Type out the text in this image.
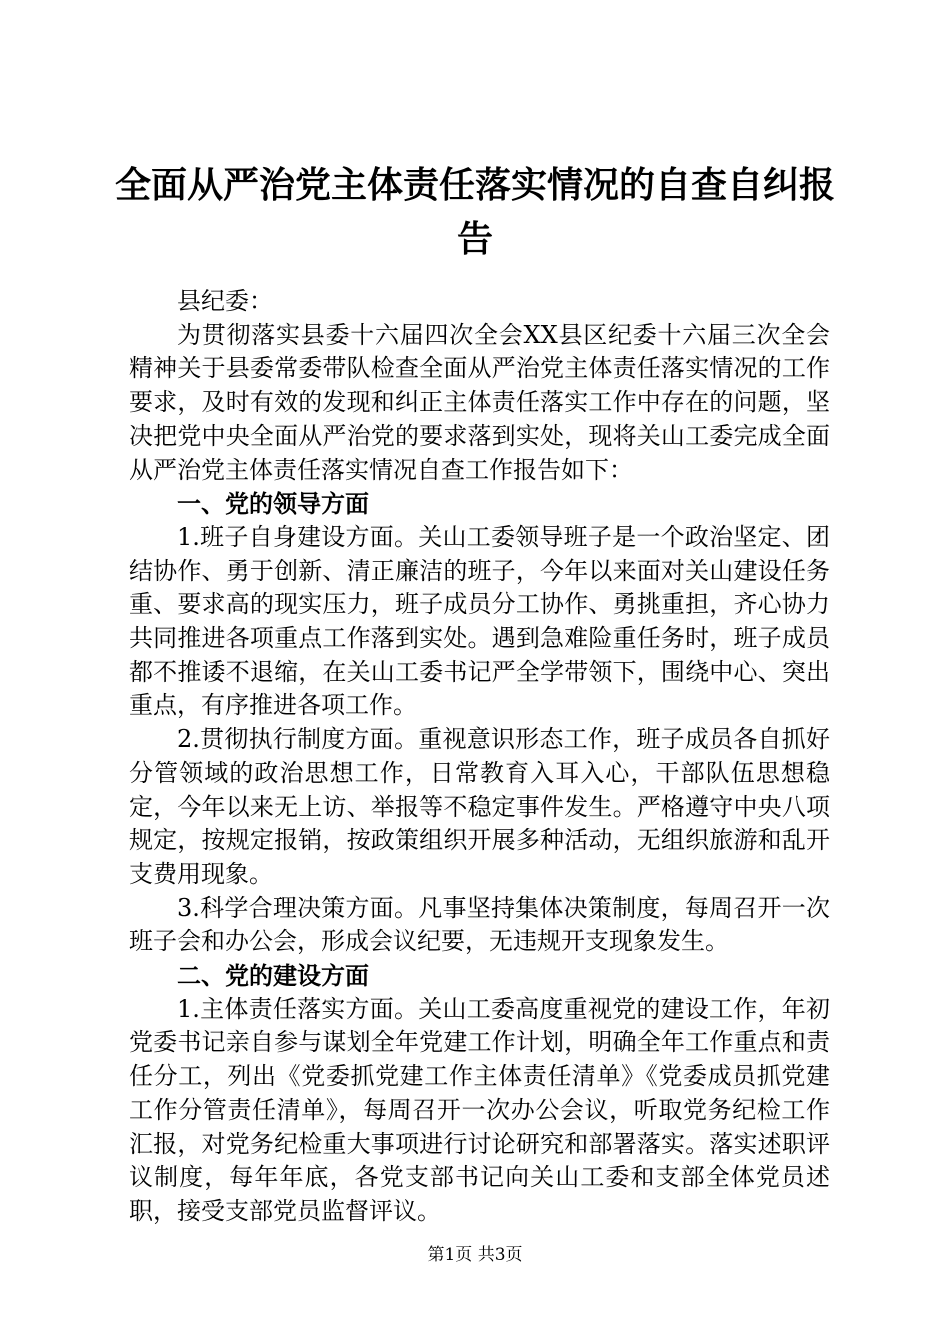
全面从严治党主体责任落实情况的自查自纠报
告

县纪委：

为贯彻落实县委十六届四次全会XX县区纪委十六届三次全会精神关于县委常委带队检查全面从严治党主体责任落实情况的工作要求，及时有效的发现和纠正主体责任落实工作中存在的问题，坚决把党中央全面从严治党的要求落到实处，现将关山工委完成全面从严治党主体责任落实情况自查工作报告如下：

一、党的领导方面

1.班子自身建设方面。关山工委领导班子是一个政治坚定、团结协作、勇于创新、清正廉洁的班子，今年以来面对关山建设任务重、要求高的现实压力，班子成员分工协作、勇挑重担，齐心协力共同推进各项重点工作落到实处。遇到急难险重任务时，班子成员都不推诿不退缩，在关山工委书记严全学带领下，围绕中心、突出重点，有序推进各项工作。

2.贯彻执行制度方面。重视意识形态工作，班子成员各自抓好分管领域的政治思想工作，日常教育入耳入心，干部队伍思想稳定，今年以来无上访、举报等不稳定事件发生。严格遵守中央八项规定，按规定报销，按政策组织开展多种活动，无组织旅游和乱开支费用现象。

3.科学合理决策方面。凡事坚持集体决策制度，每周召开一次班子会和办公会，形成会议纪要，无违规开支现象发生。

二、党的建设方面

1.主体责任落实方面。关山工委高度重视党的建设工作，年初党委书记亲自参与谋划全年党建工作计划，明确全年工作重点和责任分工，列出《党委抓党建工作主体责任清单》《党委成员抓党建工作分管责任清单》，每周召开一次办公会议，听取党务纪检工作汇报，对党务纪检重大事项进行讨论研究和部署落实。落实述职评议制度，每年年底，各党支部书记向关山工委和支部全体党员述职，接受支部党员监督评议。

第1页 共3页
